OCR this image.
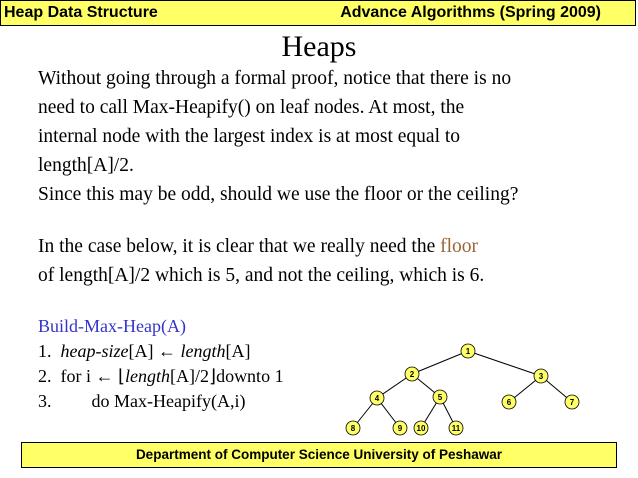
Heap Data Structure	Advance Algorithms (Spring 2009)
Heaps
Without going through a formal proof, notice that there is no
need to call Max-Heapify() on leaf nodes. At most, the
internal node with the largest index is at most equal to
length[A]/2.
Since this may be odd, should we use the floor or the ceiling?
In the case below, it is clear that we really need the floor
of length[A]/2 which is 5, and not the ceiling, which is 6.
Build-Max-Heap(A)
1. heap-size[A] ← length[A]
2. for i ← ⌊length[A]/2⌋downto 1
3. do Max-Heapify(A,i)
1
2	3
4	5
6	7
8	9 10	11
Department of Computer Science University of Peshawar
